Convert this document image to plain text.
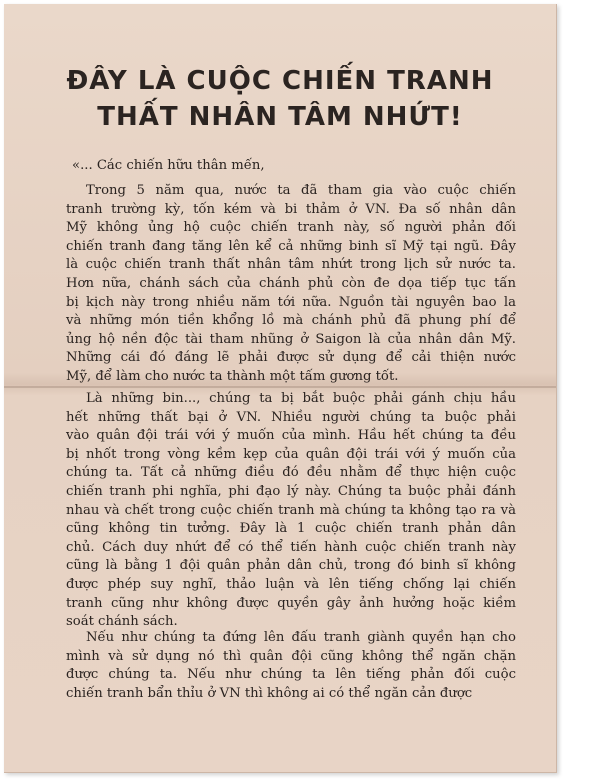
ĐÂY LÀ CUỘC CHIẾN TRANH
THẤT NHÂN TÂM NHỨT!

«... Các chiến hữu thân mến,

Trong 5 năm qua, nước ta đã tham gia vào cuộc chiến
tranh trường kỳ, tốn kém và bi thảm ở VN. Đa số nhân dân
Mỹ không ủng hộ cuộc chiến tranh này, số người phản đối
chiến tranh đang tăng lên kể cả những binh sĩ Mỹ tại ngũ. Đây
là cuộc chiến tranh thất nhân tâm nhứt trong lịch sử nước ta.
Hơn nữa, chánh sách của chánh phủ còn đe dọa tiếp tục tấn
bị kịch này trong nhiều năm tới nữa. Nguồn tài nguyên bao la
và những món tiền khổng lồ mà chánh phủ đã phung phí để
ủng hộ nền độc tài tham nhũng ở Saigon là của nhân dân Mỹ.
Những cái đó đáng lẽ phải được sử dụng để cải thiện nước
Mỹ, để làm cho nước ta thành một tấm gương tốt.
Là những bin..., chúng ta bị bắt buộc phải gánh chịu hầu
hết những thất bại ở VN. Nhiều người chúng ta buộc phải
vào quân đội trái với ý muốn của mình. Hầu hết chúng ta đều
bị nhốt trong vòng kềm kẹp của quân đội trái với ý muốn của
chúng ta. Tất cả những điều đó đều nhằm để thực hiện cuộc
chiến tranh phi nghĩa, phi đạo lý này. Chúng ta buộc phải đánh
nhau và chết trong cuộc chiến tranh mà chúng ta không tạo ra và
cũng không tin tưởng. Đây là 1 cuộc chiến tranh phản dân
chủ. Cách duy nhứt để có thể tiến hành cuộc chiến tranh này
cũng là bằng 1 đội quân phản dân chủ, trong đó binh sĩ không
được phép suy nghĩ, thảo luận và lên tiếng chống lại chiến
tranh cũng như không được quyền gây ảnh hưởng hoặc kiềm
soát chánh sách.
Nếu như chúng ta đứng lên đấu tranh giành quyền hạn cho
mình và sử dụng nó thì quân đội cũng không thể ngăn chặn
được chúng ta. Nếu như chúng ta lên tiếng phản đối cuộc
chiến tranh bẩn thỉu ở VN thì không ai có thể ngăn cản được
